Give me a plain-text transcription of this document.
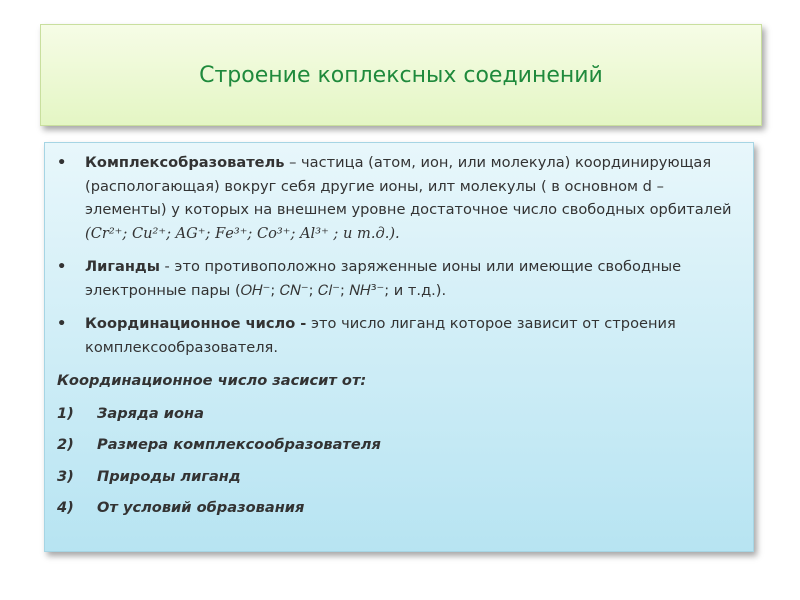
Строение коплексных соединений
•	Комплексобразователь – частица (атом, ион, или молекула) координирующая (распологающая) вокруг себя другие ионы, илт молекулы ( в основном d – элементы) у которых на внешнем уровне достаточное число свободных орбиталей
(𝐶𝑟²⁺; 𝐶𝑢²⁺; 𝐴𝐺⁺; 𝐹𝑒³⁺; 𝐶𝑜³⁺; 𝐴𝑙³⁺ ; и т.д.).
•	Лиганды - это противоположно заряженные ионы или имеющие свободные электронные пары (𝑂𝐻⁻; 𝐶𝑁⁻; 𝐶𝑙⁻; 𝑁𝐻³⁻; и т.д.).
•	Координационное число - это число лиганд которое зависит от строения комплексообразователя.
Координационное число засисит от:
1)	Заряда иона
2)	Размера комплексообразователя
3)	Природы лиганд
4)	От условий образования
